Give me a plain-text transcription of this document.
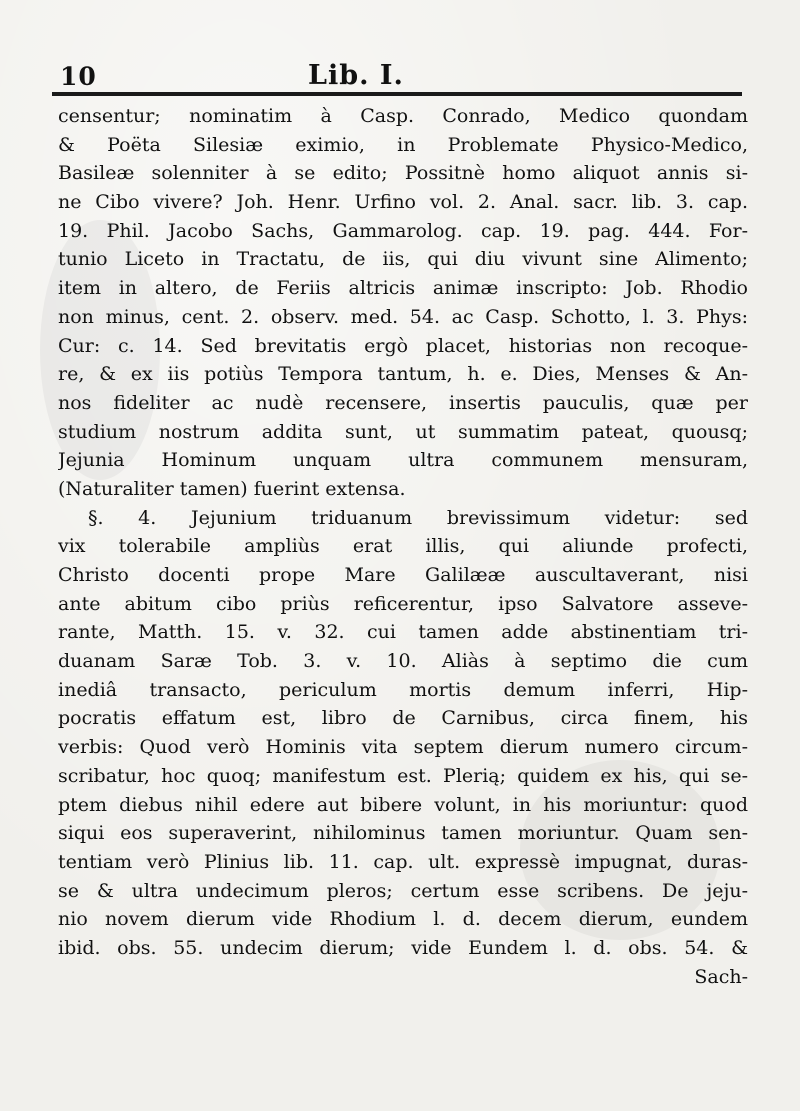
10	Lib. I.
censentur; nominatim à Casp. Conrado, Medico quondam
& Poëta Silesiæ eximio, in Problemate Physico-Medico,
Basileæ solenniter à se edito; Possitnè homo aliquot annis si-
ne Cibo vivere? Joh. Henr. Urfino vol. 2. Anal. sacr. lib. 3. cap.
19. Phil. Jacobo Sachs, Gammarolog. cap. 19. pag. 444. For-
tunio Liceto in Tractatu, de iis, qui diu vivunt sine Alimento;
item in altero, de Feriis altricis animæ inscripto: Job. Rhodio
non minus, cent. 2. observ. med. 54. ac Casp. Schotto, l. 3. Phys:
Cur: c. 14. Sed brevitatis ergò placet, historias non recoque-
re, & ex iis potiùs Tempora tantum, h. e. Dies, Menses & An-
nos fideliter ac nudè recensere, insertis pauculis, quæ per
studium nostrum addita sunt, ut summatim pateat, quousq;
Jejunia Hominum unquam ultra communem mensuram,
(Naturaliter tamen) fuerint extensa.
§. 4. Jejunium triduanum brevissimum videtur: sed
vix tolerabile ampliùs erat illis, qui aliunde profecti,
Christo docenti prope Mare Galilææ auscultaverant, nisi
ante abitum cibo priùs reficerentur, ipso Salvatore asseve-
rante, Matth. 15. v. 32. cui tamen adde abstinentiam tri-
duanam Saræ Tob. 3. v. 10. Aliàs à septimo die cum
inediâ transacto, periculum mortis demum inferri, Hip-
pocratis effatum est, libro de Carnibus, circa finem, his
verbis: Quod verò Hominis vita septem dierum numero circum-
scribatur, hoc quoq; manifestum est. Plerią; quidem ex his, qui se-
ptem diebus nihil edere aut bibere volunt, in his moriuntur: quod
siqui eos superaverint, nihilominus tamen moriuntur. Quam sen-
tentiam verò Plinius lib. 11. cap. ult. expressè impugnat, duras-
se & ultra undecimum pleros; certum esse scribens. De jeju-
nio novem dierum vide Rhodium l. d. decem dierum, eundem
ibid. obs. 55. undecim dierum; vide Eundem l. d. obs. 54. &
Sach-
